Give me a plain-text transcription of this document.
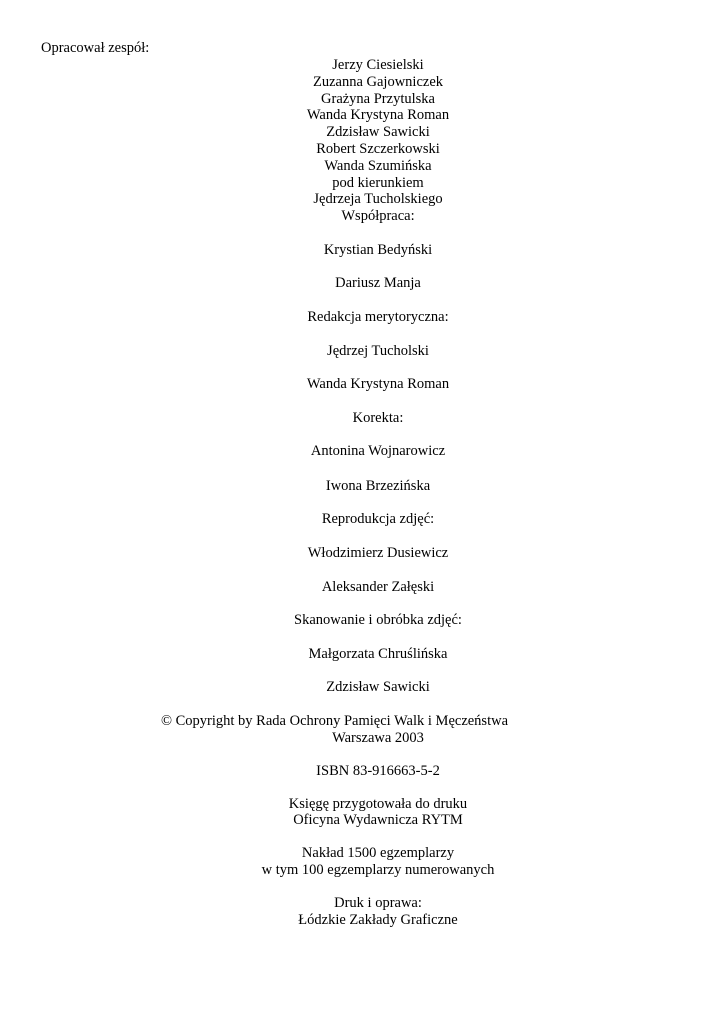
Opracował zespół:
Jerzy Ciesielski
Zuzanna Gajowniczek
Grażyna Przytulska
Wanda Krystyna Roman
Zdzisław Sawicki
Robert Szczerkowski
Wanda Szumińska
pod kierunkiem
Jędrzeja Tucholskiego
Współpraca:
Krystian Bedyński
Dariusz Manja
Redakcja merytoryczna:
Jędrzej Tucholski
Wanda Krystyna Roman
Korekta:
Antonina Wojnarowicz
Iwona Brzezińska
Reprodukcja zdjęć:
Włodzimierz Dusiewicz
Aleksander Załęski
Skanowanie i obróbka zdjęć:
Małgorzata Chruślińska
Zdzisław Sawicki
© Copyright by Rada Ochrony Pamięci Walk i Męczeństwa
Warszawa 2003
ISBN 83-916663-5-2
Księgę przygotowała do druku
Oficyna Wydawnicza RYTM
Nakład 1500 egzemplarzy
w tym 100 egzemplarzy numerowanych
Druk i oprawa:
Łódzkie Zakłady Graficzne
